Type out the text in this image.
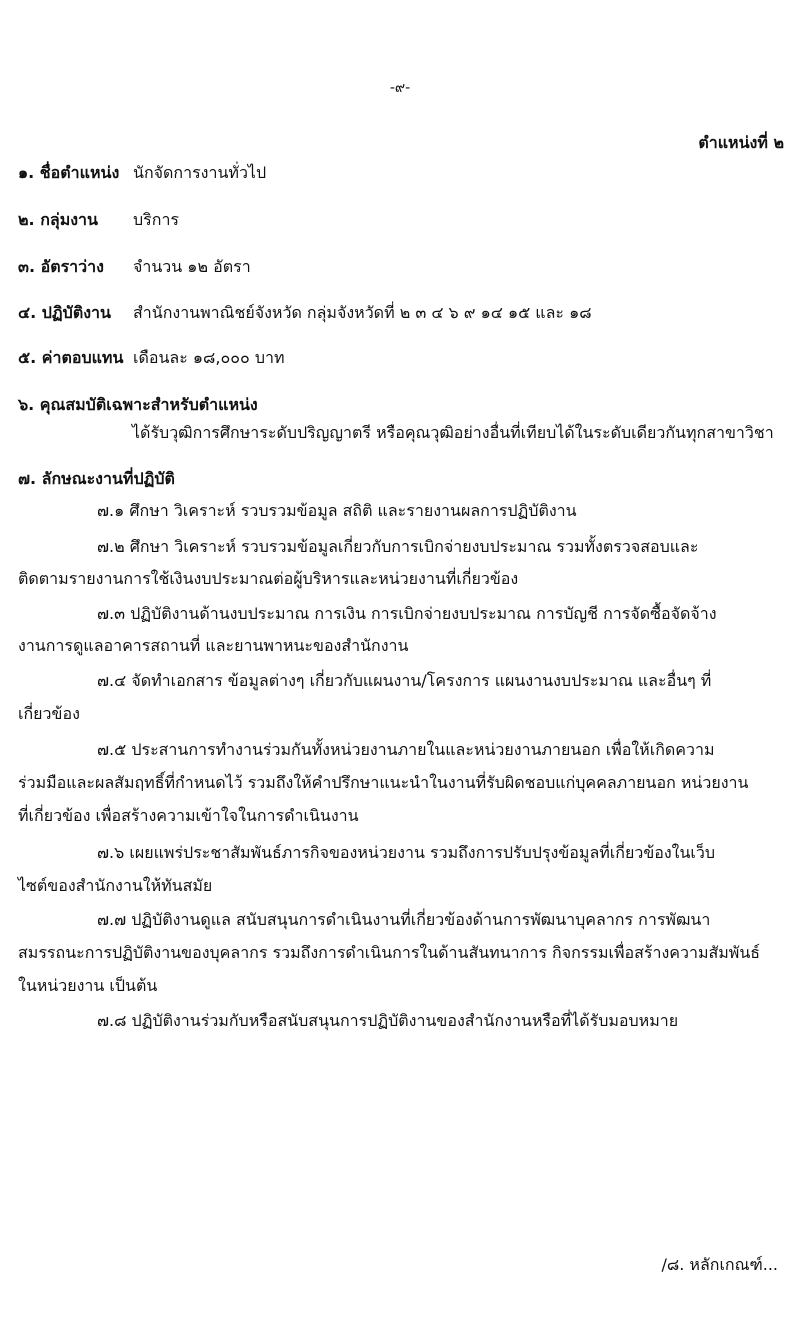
-๙-
ตำแหน่งที่ ๒
๑. ชื่อตำแหน่ง นักจัดการงานทั่วไป
๒. กลุ่มงาน บริการ
๓. อัตราว่าง จำนวน ๑๒ อัตรา
๔. ปฏิบัติงาน สำนักงานพาณิชย์จังหวัด กลุ่มจังหวัดที่ ๒ ๓ ๔ ๖ ๙ ๑๔ ๑๕ และ ๑๘
๕. ค่าตอบแทน เดือนละ ๑๘,๐๐๐ บาท
๖. คุณสมบัติเฉพาะสำหรับตำแหน่ง
ได้รับวุฒิการศึกษาระดับปริญญาตรี หรือคุณวุฒิอย่างอื่นที่เทียบได้ในระดับเดียวกันทุกสาขาวิชา
๗. ลักษณะงานที่ปฏิบัติ
๗.๑ ศึกษา วิเคราะห์ รวบรวมข้อมูล สถิติ และรายงานผลการปฏิบัติงาน
๗.๒ ศึกษา วิเคราะห์ รวบรวมข้อมูลเกี่ยวกับการเบิกจ่ายงบประมาณ รวมทั้งตรวจสอบและ
ติดตามรายงานการใช้เงินงบประมาณต่อผู้บริหารและหน่วยงานที่เกี่ยวข้อง
๗.๓ ปฏิบัติงานด้านงบประมาณ การเงิน การเบิกจ่ายงบประมาณ การบัญชี การจัดซื้อจัดจ้าง
งานการดูแลอาคารสถานที่ และยานพาหนะของสำนักงาน
๗.๔ จัดทำเอกสาร ข้อมูลต่างๆ เกี่ยวกับแผนงาน/โครงการ แผนงานงบประมาณ และอื่นๆ ที่
เกี่ยวข้อง
๗.๕ ประสานการทำงานร่วมกันทั้งหน่วยงานภายในและหน่วยงานภายนอก เพื่อให้เกิดความ
ร่วมมือและผลสัมฤทธิ์ที่กำหนดไว้ รวมถึงให้คำปรึกษาแนะนำในงานที่รับผิดชอบแก่บุคคลภายนอก หน่วยงาน
ที่เกี่ยวข้อง เพื่อสร้างความเข้าใจในการดำเนินงาน
๗.๖ เผยแพร่ประชาสัมพันธ์ภารกิจของหน่วยงาน รวมถึงการปรับปรุงข้อมูลที่เกี่ยวข้องในเว็บ
ไซต์ของสำนักงานให้ทันสมัย
๗.๗ ปฏิบัติงานดูแล สนับสนุนการดำเนินงานที่เกี่ยวข้องด้านการพัฒนาบุคลากร การพัฒนา
สมรรถนะการปฏิบัติงานของบุคลากร รวมถึงการดำเนินการในด้านสันทนาการ กิจกรรมเพื่อสร้างความสัมพันธ์
ในหน่วยงาน เป็นต้น
๗.๘ ปฏิบัติงานร่วมกับหรือสนับสนุนการปฏิบัติงานของสำนักงานหรือที่ได้รับมอบหมาย
/๘. หลักเกณฑ์...
